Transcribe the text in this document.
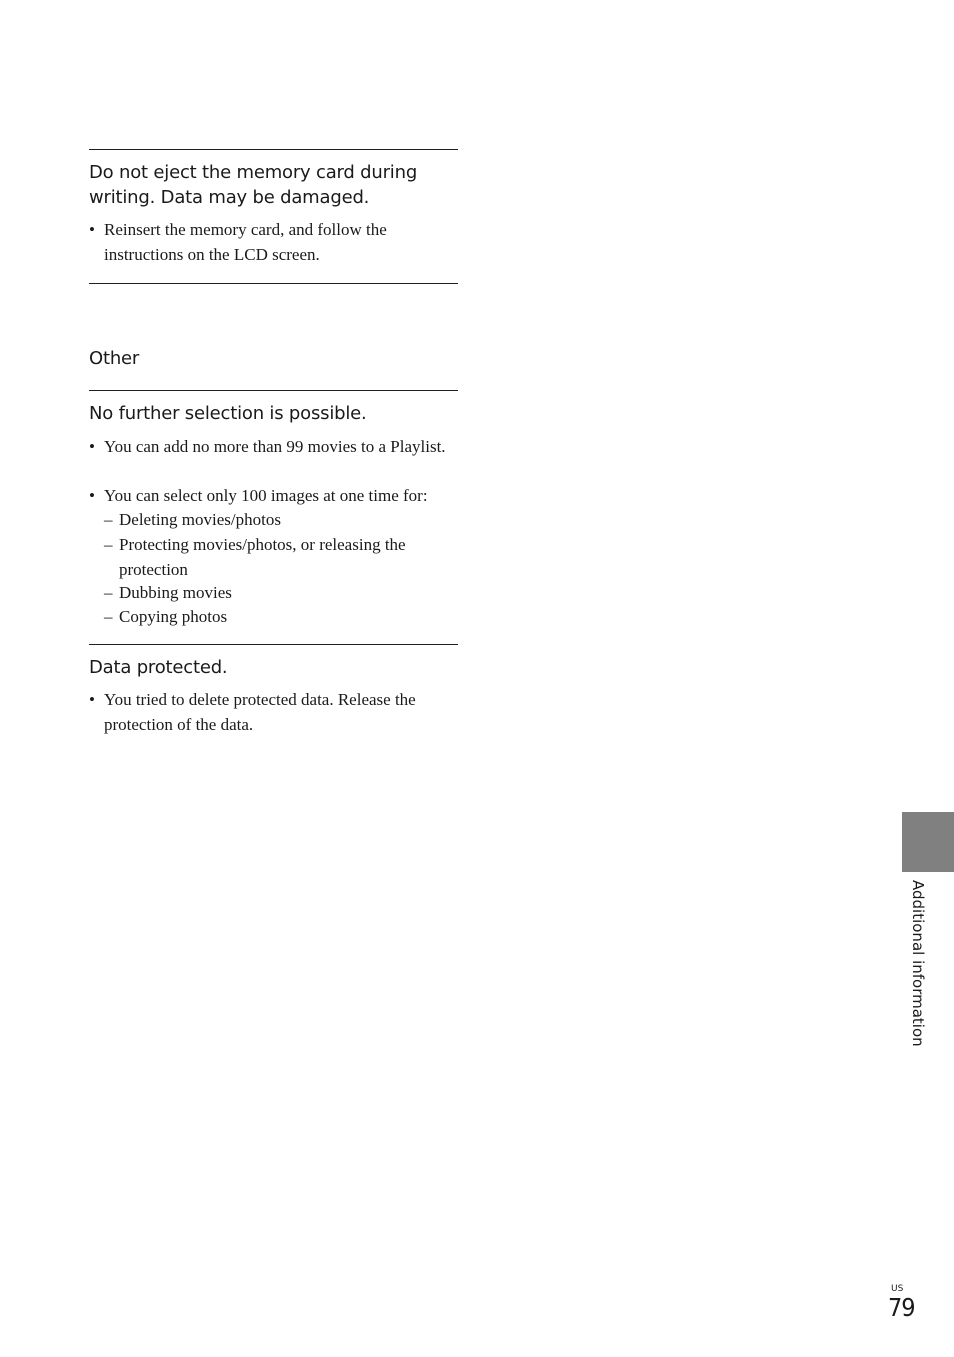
Do not eject the memory card during writing. Data may be damaged.
• Reinsert the memory card, and follow the instructions on the LCD screen.
Other
No further selection is possible.
• You can add no more than 99 movies to a Playlist.
• You can select only 100 images at one time for:
– Deleting movies/photos
– Protecting movies/photos, or releasing the protection
– Dubbing movies
– Copying photos
Data protected.
• You tried to delete protected data. Release the protection of the data.
Additional information
US
79
